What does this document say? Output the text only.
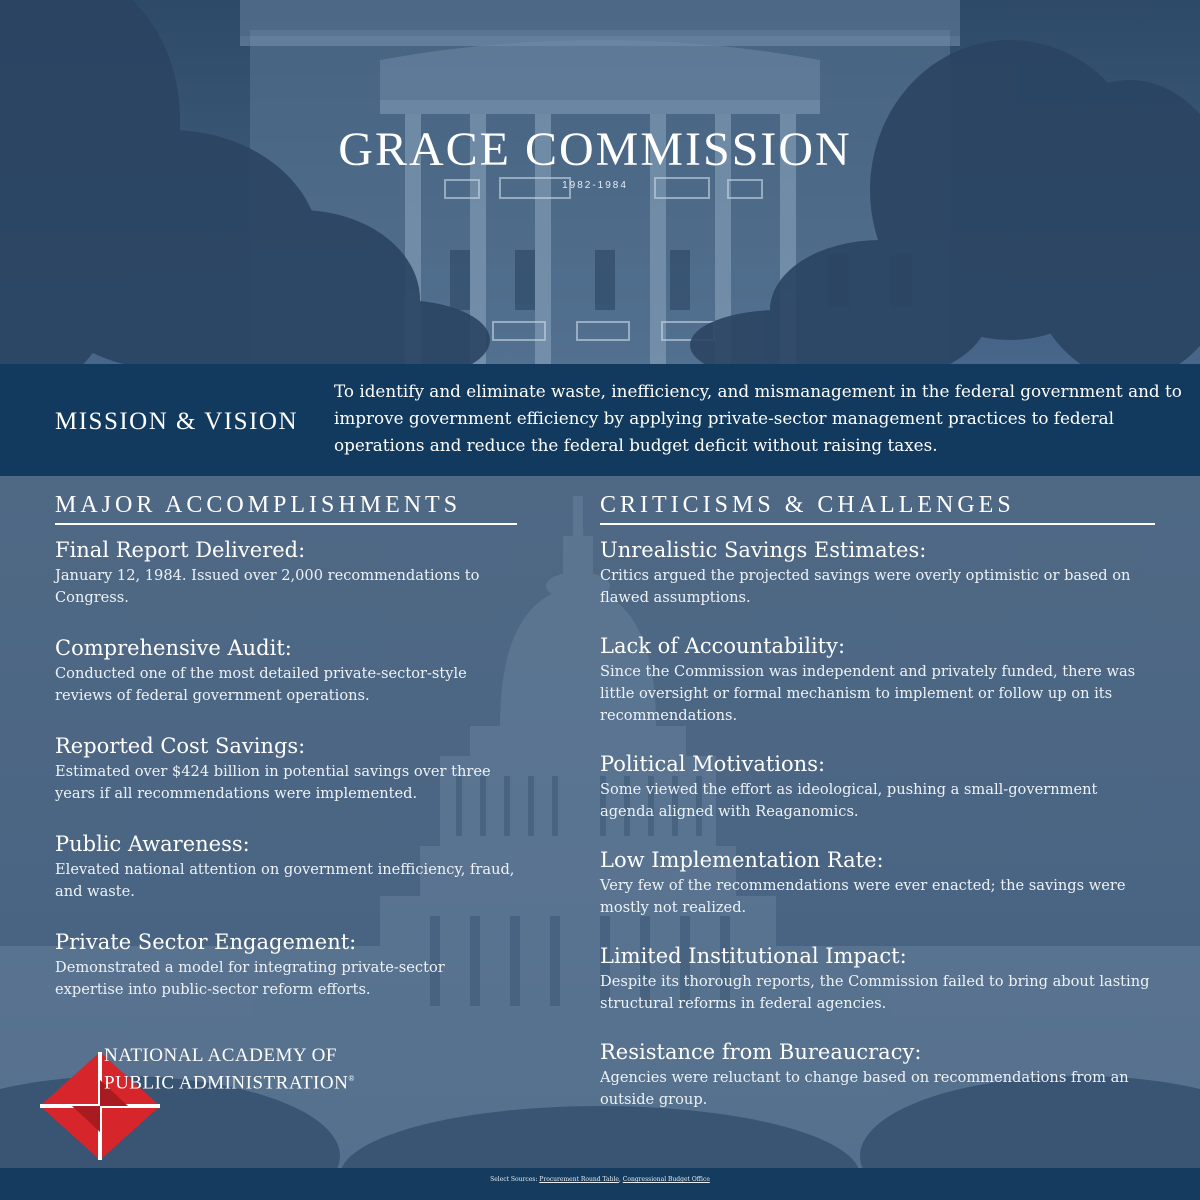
GRACE COMMISSION
1982-1984
MISSION & VISION
To identify and eliminate waste, inefficiency, and mismanagement in the federal government and to improve government efficiency by applying private-sector management practices to federal operations and reduce the federal budget deficit without raising taxes.
MAJOR ACCOMPLISHMENTS
Final Report Delivered:
January 12, 1984. Issued over 2,000 recommendations to Congress.
Comprehensive Audit:
Conducted one of the most detailed private-sector-style reviews of federal government operations.
Reported Cost Savings:
Estimated over $424 billion in potential savings over three years if all recommendations were implemented.
Public Awareness:
Elevated national attention on government inefficiency, fraud, and waste.
Private Sector Engagement:
Demonstrated a model for integrating private-sector expertise into public-sector reform efforts.
CRITICISMS & CHALLENGES
Unrealistic Savings Estimates:
Critics argued the projected savings were overly optimistic or based on flawed assumptions.
Lack of Accountability:
Since the Commission was independent and privately funded, there was little oversight or formal mechanism to implement or follow up on its recommendations.
Political Motivations:
Some viewed the effort as ideological, pushing a small-government agenda aligned with Reaganomics.
Low Implementation Rate:
Very few of the recommendations were ever enacted; the savings were mostly not realized.
Limited Institutional Impact:
Despite its thorough reports, the Commission failed to bring about lasting structural reforms in federal agencies.
Resistance from Bureaucracy:
Agencies were reluctant to change based on recommendations from an outside group.
NATIONAL ACADEMY OF
PUBLIC ADMINISTRATION®
Select Sources: Procurement Round Table, Congressional Budget Office
